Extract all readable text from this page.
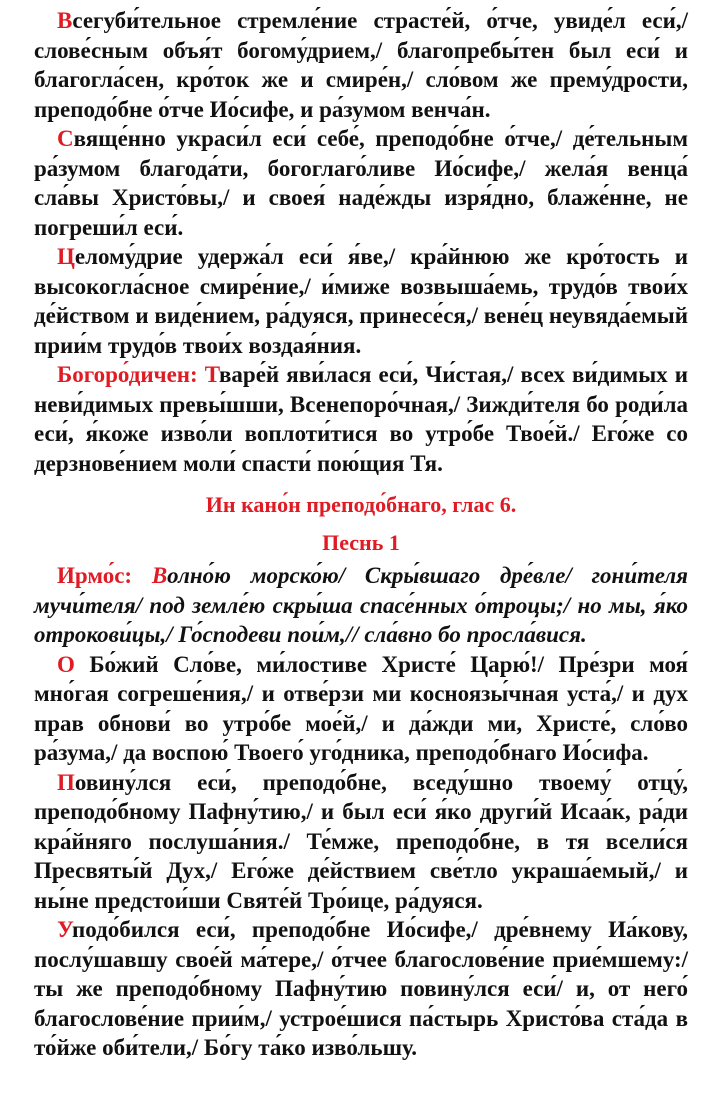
Всегуби́тельное стремле́ние страсте́й, о́тче, увиде́л еси́,/ слове́сным объя́т богому́дрием,/ благопребы́тен был еси́ и благогла́сен, кро́ток же и смире́н,/ сло́вом же прему́дрости, преподо́бне о́тче Ио́сифе, и ра́зумом венча́н.

Свяще́нно украси́л еси́ себе́, преподо́бне о́тче,/ де́тельным ра́зумом благода́ти, богоглаго́ливе Ио́сифе,/ жела́я венца́ сла́вы Христо́вы,/ и своея́ наде́жды изря́дно, блаже́нне, не погреши́л еси́.

Целому́дрие удержа́л еси́ я́ве,/ кра́йнюю же кро́тость и высокогла́сное смире́ние,/ и́миже возвыша́емь, трудо́в твои́х де́йством и виде́нием, ра́дуяся, принесе́ся,/ вене́ц неувяда́емый прии́м трудо́в твои́х воздая́ния.

Богоро́дичен: Тваре́й яви́лася еси́, Чи́стая,/ всех ви́димых и неви́димых превы́шши, Всенепоро́чная,/ Зижди́теля бо роди́ла еси́, я́коже изво́ли воплоти́тися во утро́бе Твое́й./ Его́же со дерзнове́нием моли́ спасти́ пою́щия Тя.

Ин кано́н преподо́бнаго, глас 6.

Песнь 1

Ирмо́с: Волно́ю морско́ю/ Скры́вшаго дре́вле/ гони́теля мучи́теля/ под земле́ю скры́ша спасе́нных о́троцы;/ но мы, я́ко отрокови́цы,/ Го́сподеви пои́м,// сла́вно бо просла́вися.

О Бо́жий Сло́ве, ми́лостиве Христе́ Царю́!/ Пре́зри моя́ мно́гая согреше́ния,/ и отве́рзи ми косноязы́чная уста́,/ и дух прав обнови́ во утро́бе мое́й,/ и да́жди ми, Христе́, сло́во ра́зума,/ да воспою́ Твоего́ уго́дника, преподо́бнаго Ио́сифа.

Повину́лся еси́, преподо́бне, вседу́шно твоему́ отцу́, преподо́бному Пафну́тию,/ и был еси́ я́ко други́й Исаа́к, ра́ди кра́йняго послуша́ния./ Те́мже, преподо́бне, в тя всели́ся Пресвяты́й Дух,/ Его́же де́йствием све́тло украша́емый,/ и ны́не предстои́ши Святе́й Тро́ице, ра́дуяся.

Уподо́бился еси́, преподо́бне Ио́сифе,/ дре́внему Иа́кову, послу́шавшу свое́й ма́тере,/ о́тчее благослове́ние прие́мшему:/ ты же преподо́бному Пафну́тию повину́лся еси́/ и, от него́ благослове́ние прии́м,/ устрое́шися па́стырь Христо́ва ста́да в то́йже оби́тели,/ Бо́гу та́ко изво́льшу.
